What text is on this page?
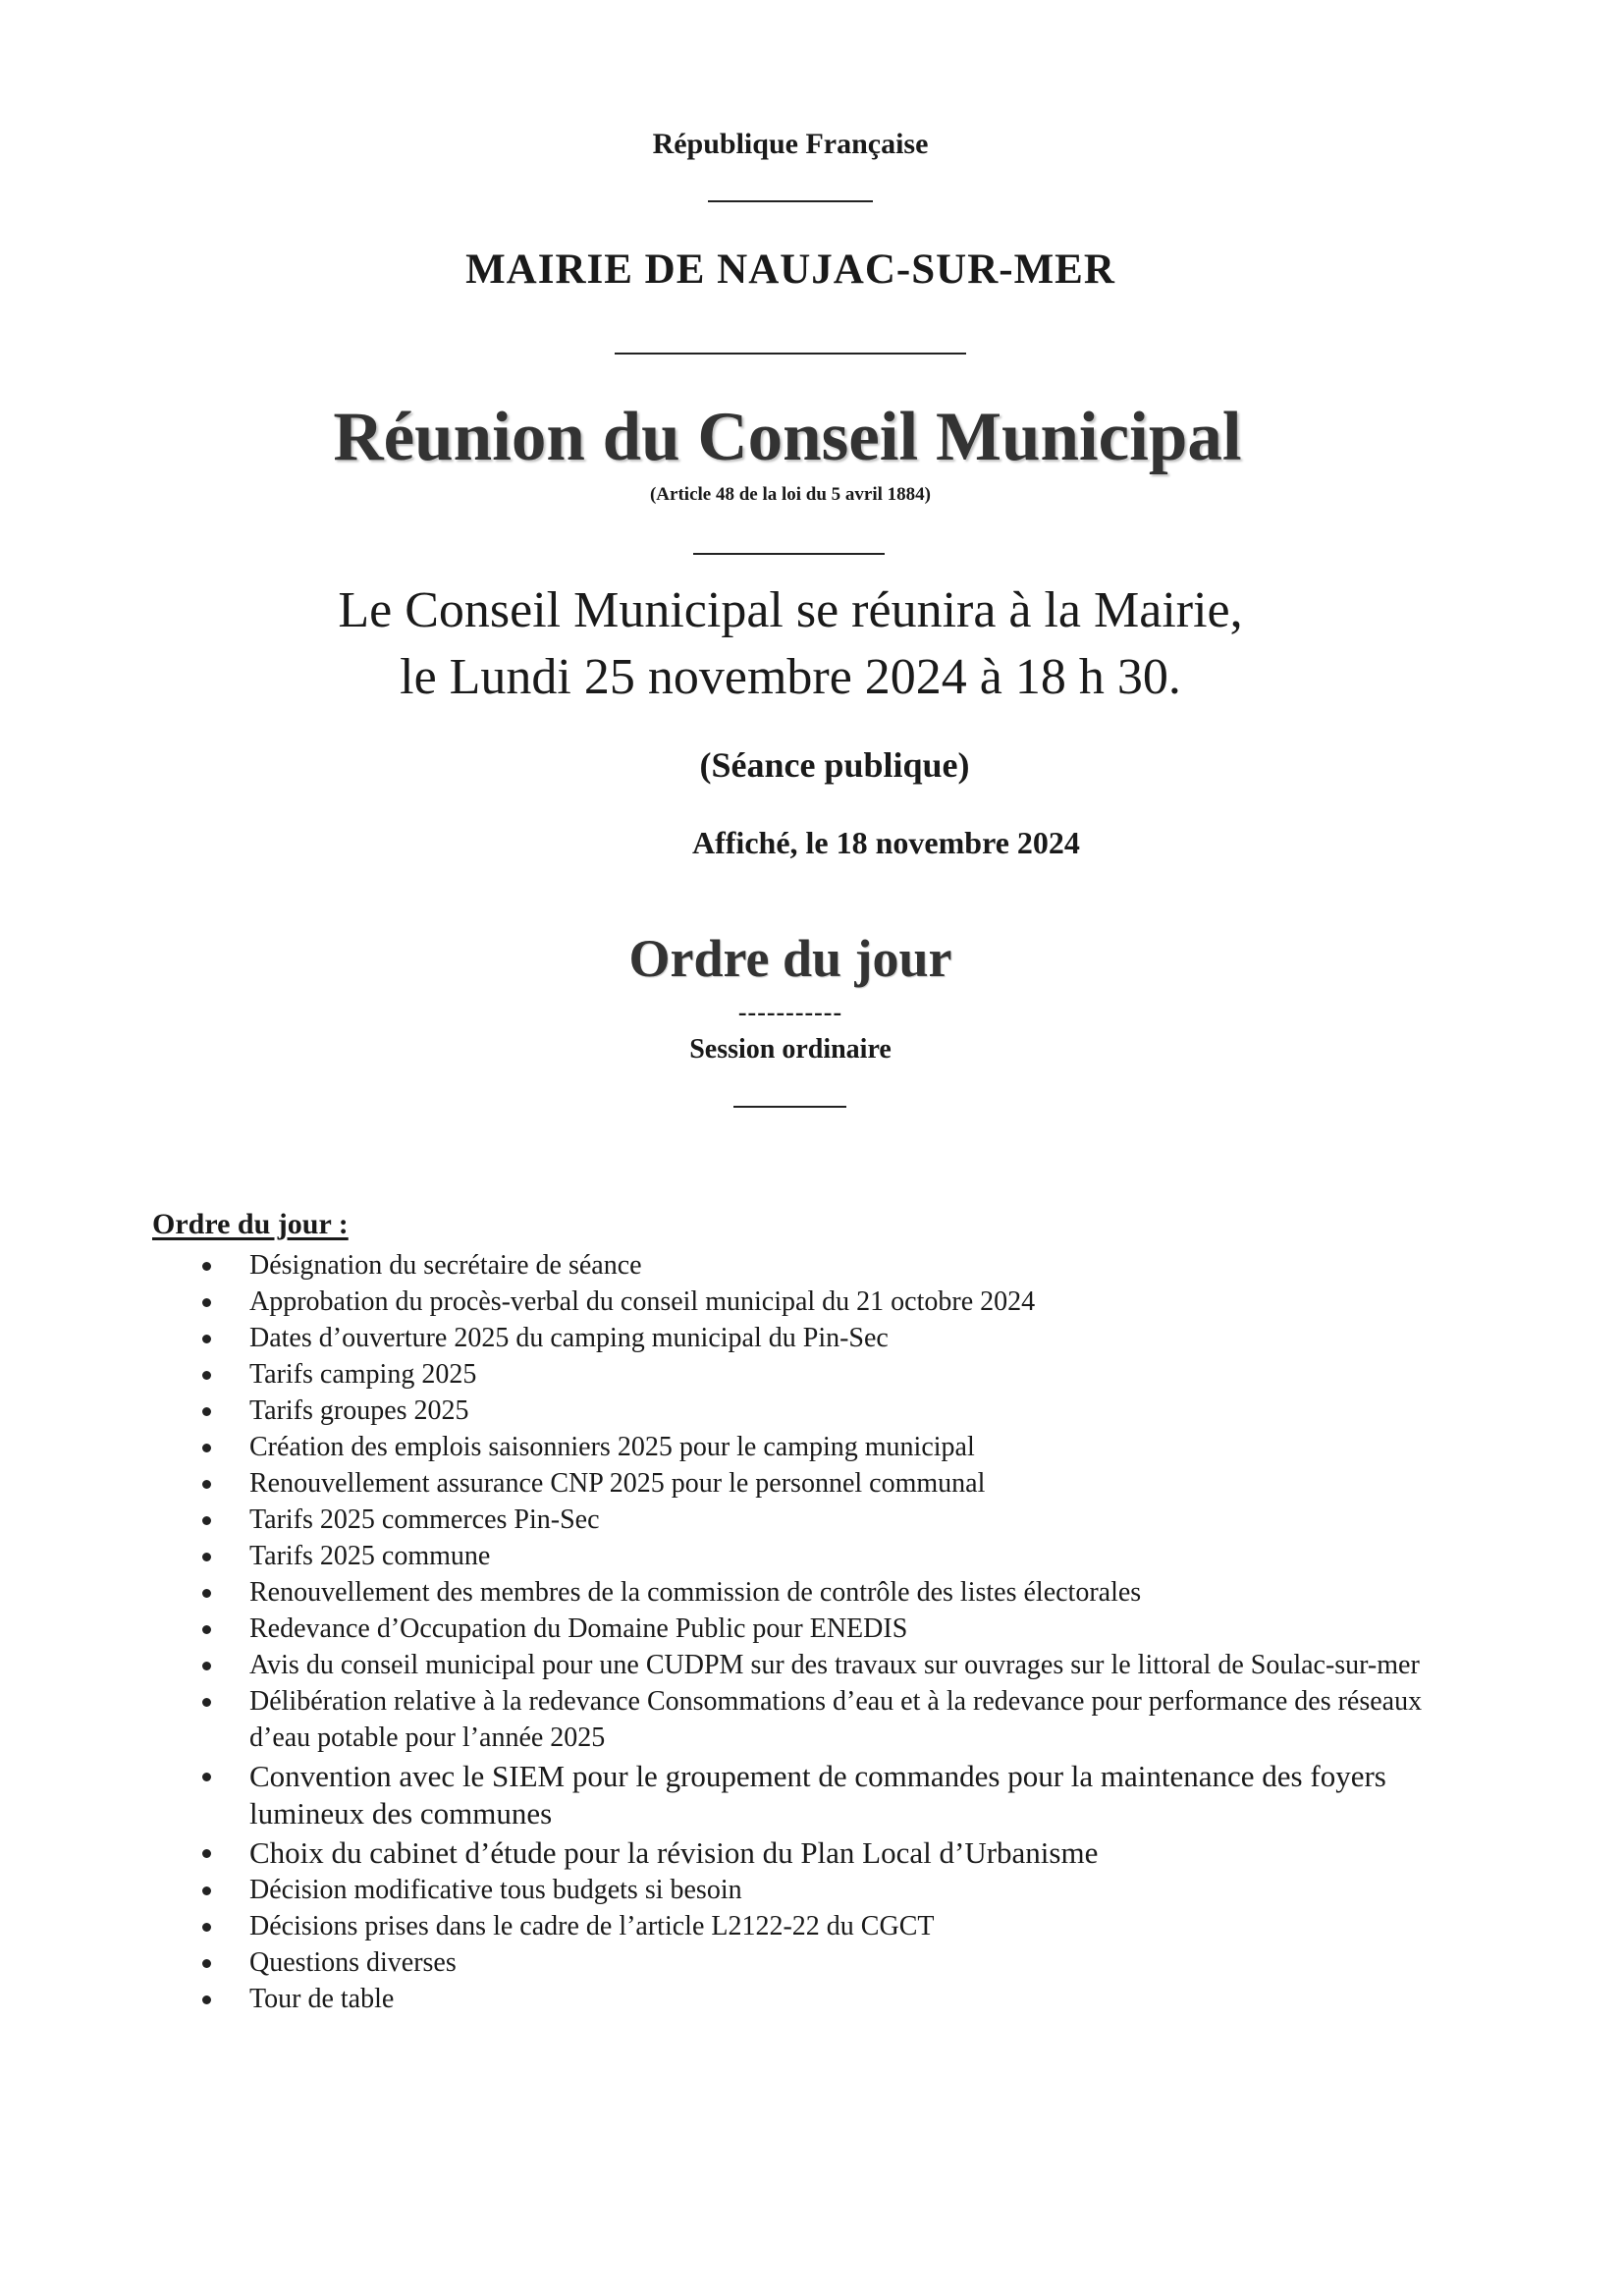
République Française
MAIRIE DE NAUJAC-SUR-MER
Réunion du Conseil Municipal
(Article 48 de la loi du 5 avril 1884)
Le Conseil Municipal se réunira à la Mairie,
le Lundi 25 novembre 2024 à 18 h 30.
(Séance publique)
Affiché, le 18 novembre 2024
Ordre du jour
-----------
Session ordinaire
Ordre du jour :
Désignation du secrétaire de séance
Approbation du procès-verbal du conseil municipal du 21 octobre 2024
Dates d’ouverture 2025 du camping municipal du Pin-Sec
Tarifs camping 2025
Tarifs groupes 2025
Création des emplois saisonniers 2025 pour le camping municipal
Renouvellement assurance CNP 2025 pour le personnel communal
Tarifs 2025 commerces Pin-Sec
Tarifs 2025 commune
Renouvellement des membres de la commission de contrôle des listes électorales
Redevance d’Occupation du Domaine Public pour ENEDIS
Avis du conseil municipal pour une CUDPM sur des travaux sur ouvrages sur le littoral de Soulac-sur-mer
Délibération relative à la redevance Consommations d’eau et à la redevance pour performance des réseaux d’eau potable pour l’année 2025
Convention avec le SIEM pour le groupement de commandes pour la maintenance des foyers lumineux des communes
Choix du cabinet d’étude pour la révision du Plan Local d’Urbanisme
Décision modificative tous budgets si besoin
Décisions prises dans le cadre de l’article L2122-22 du CGCT
Questions diverses
Tour de table
